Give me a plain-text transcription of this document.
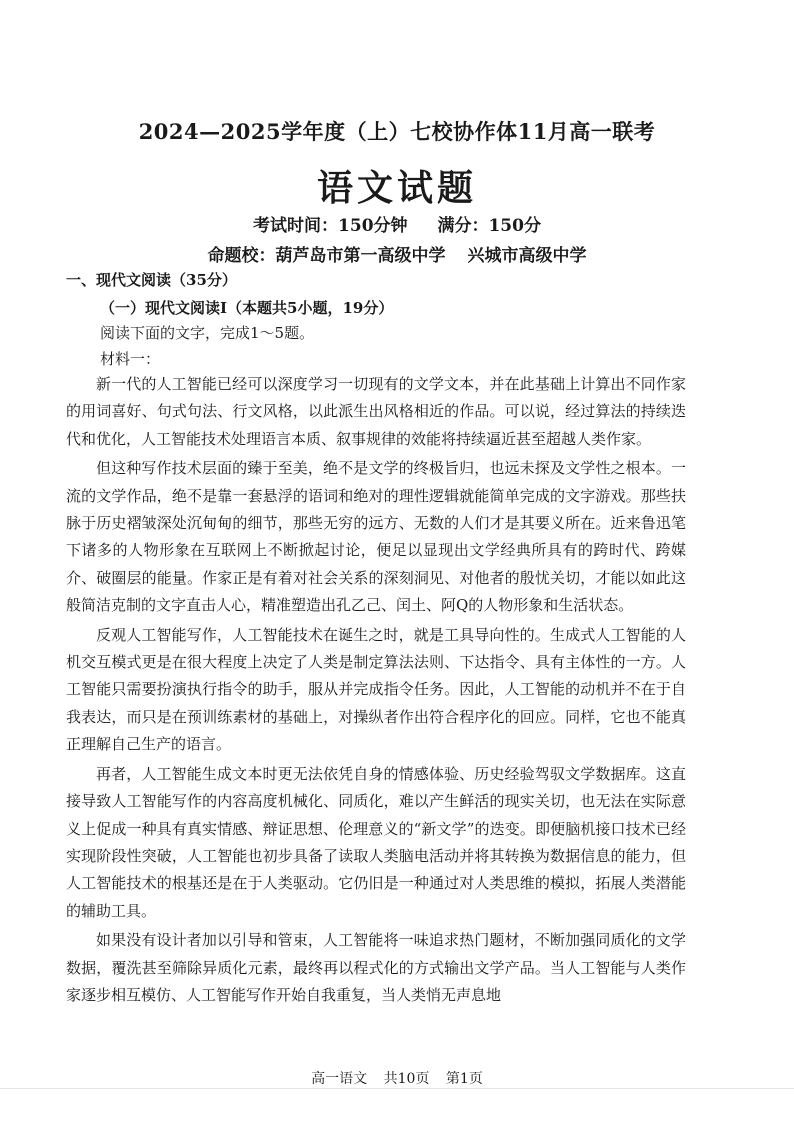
2024—2025学年度（上）七校协作体11月高一联考
语文试题
考试时间：150分钟 满分：150分
命题校：葫芦岛市第一高级中学 兴城市高级中学
一、现代文阅读（35分）
（一）现代文阅读Ⅰ（本题共5小题，19分）
阅读下面的文字，完成1～5题。
材料一：

新一代的人工智能已经可以深度学习一切现有的文学文本，并在此基础上计算出不同作家的用词喜好、句式句法、行文风格，以此派生出风格相近的作品。可以说，经过算法的持续迭代和优化，人工智能技术处理语言本质、叙事规律的效能将持续逼近甚至超越人类作家。

但这种写作技术层面的臻于至美，绝不是文学的终极旨归，也远未探及文学性之根本。一流的文学作品，绝不是靠一套悬浮的语词和绝对的理性逻辑就能简单完成的文字游戏。那些扶脉于历史褶皱深处沉甸甸的细节，那些无穷的远方、无数的人们才是其要义所在。近来鲁迅笔下诸多的人物形象在互联网上不断掀起讨论，便足以显现出文学经典所具有的跨时代、跨媒介、破圈层的能量。作家正是有着对社会关系的深刻洞见、对他者的殷忧关切，才能以如此这般简洁克制的文字直击人心，精准塑造出孔乙己、闰土、阿Q的人物形象和生活状态。

反观人工智能写作，人工智能技术在诞生之时，就是工具导向性的。生成式人工智能的人机交互模式更是在很大程度上决定了人类是制定算法法则、下达指令、具有主体性的一方。人工智能只需要扮演执行指令的助手，服从并完成指令任务。因此，人工智能的动机并不在于自我表达，而只是在预训练素材的基础上，对操纵者作出符合程序化的回应。同样，它也不能真正理解自己生产的语言。

再者，人工智能生成文本时更无法依凭自身的情感体验、历史经验驾驭文学数据库。这直接导致人工智能写作的内容高度机械化、同质化，难以产生鲜活的现实关切，也无法在实际意义上促成一种具有真实情感、辩证思想、伦理意义的“新文学”的迭变。即便脑机接口技术已经实现阶段性突破，人工智能也初步具备了读取人类脑电活动并将其转换为数据信息的能力，但人工智能技术的根基还是在于人类驱动。它仍旧是一种通过对人类思维的模拟，拓展人类潜能的辅助工具。

如果没有设计者加以引导和管束，人工智能将一味追求热门题材，不断加强同质化的文学数据，覆洗甚至筛除异质化元素，最终再以程式化的方式输出文学产品。当人工智能与人类作家逐步相互模仿、人工智能写作开始自我重复，当人类悄无声息地

高一语文 共10页 第1页
